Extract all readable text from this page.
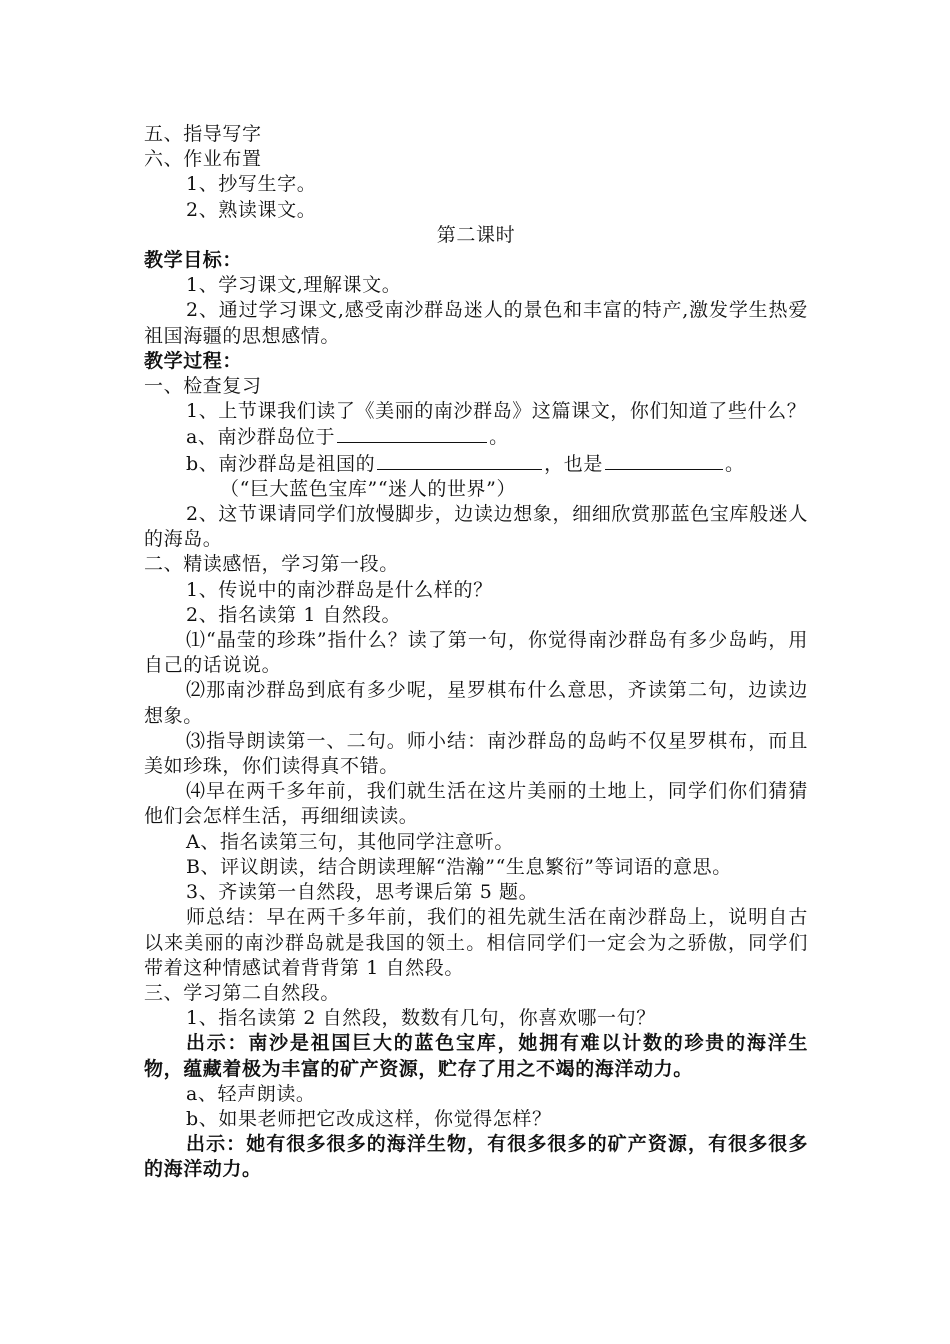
五、指导写字

六、作业布置

1、抄写生字。

2、熟读课文。

第二课时

教学目标：

1、学习课文,理解课文。

2、通过学习课文,感受南沙群岛迷人的景色和丰富的特产,激发学生热爱祖国海疆的思想感情。

教学过程：

一、检查复习

1、上节课我们读了《美丽的南沙群岛》这篇课文，你们知道了些什么？

a、南沙群岛位于	。

b、南沙群岛是祖国的	，也是	。

（“巨大蓝色宝库”“迷人的世界”）

2、这节课请同学们放慢脚步，边读边想象，细细欣赏那蓝色宝库般迷人的海岛。

二、精读感悟，学习第一段。

1、传说中的南沙群岛是什么样的？

2、指名读第 1 自然段。

⑴“晶莹的珍珠”指什么？读了第一句，你觉得南沙群岛有多少岛屿，用自己的话说说。

⑵那南沙群岛到底有多少呢，星罗棋布什么意思，齐读第二句，边读边想象。

⑶指导朗读第一、二句。师小结：南沙群岛的岛屿不仅星罗棋布，而且美如珍珠，你们读得真不错。

⑷早在两千多年前，我们就生活在这片美丽的土地上，同学们你们猜猜他们会怎样生活，再细细读读。

A、指名读第三句，其他同学注意听。

B、评议朗读，结合朗读理解“浩瀚”“生息繁衍”等词语的意思。

3、齐读第一自然段，思考课后第 5 题。

师总结：早在两千多年前，我们的祖先就生活在南沙群岛上，说明自古以来美丽的南沙群岛就是我国的领土。相信同学们一定会为之骄傲，同学们带着这种情感试着背背第 1 自然段。

三、学习第二自然段。

1、指名读第 2 自然段，数数有几句，你喜欢哪一句？

出示：南沙是祖国巨大的蓝色宝库，她拥有难以计数的珍贵的海洋生物，蕴藏着极为丰富的矿产资源，贮存了用之不竭的海洋动力。

a、轻声朗读。

b、如果老师把它改成这样，你觉得怎样？

出示：她有很多很多的海洋生物，有很多很多的矿产资源，有很多很多的海洋动力。
